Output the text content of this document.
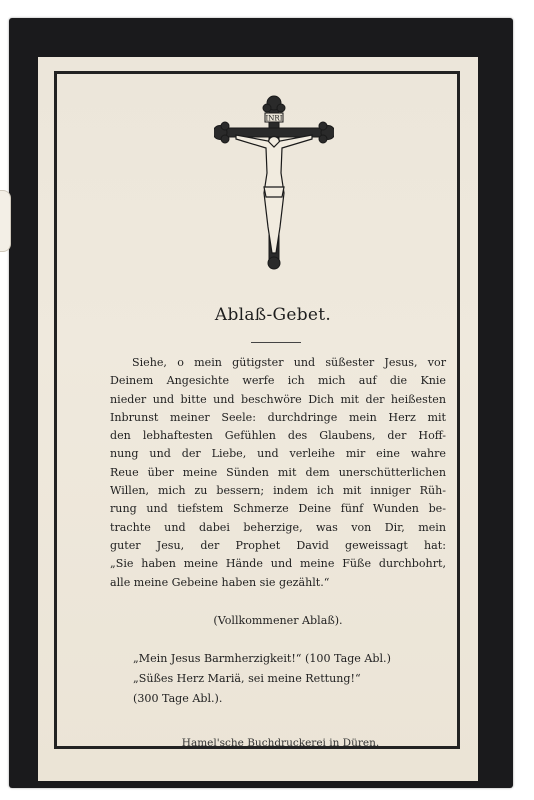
INRI
Ablaß-Gebet.
Siehe, o mein gütigster und süßester Jesus, vor
Deinem Angesichte werfe ich mich auf die Knie
nieder und bitte und beschwöre Dich mit der heißesten
Inbrunst meiner Seele: durchdringe mein Herz mit
den lebhaftesten Gefühlen des Glaubens, der Hoff-
nung und der Liebe, und verleihe mir eine wahre
Reue über meine Sünden mit dem unerschütterlichen
Willen, mich zu bessern; indem ich mit inniger Rüh-
rung und tiefstem Schmerze Deine fünf Wunden be-
trachte und dabei beherzige, was von Dir, mein
guter Jesu, der Prophet David geweissagt hat:
„Sie haben meine Hände und meine Füße durchbohrt,
alle meine Gebeine haben sie gezählt.“
(Vollkommener Ablaß).
„Mein Jesus Barmherzigkeit!“ (100 Tage Abl.)
„Süßes Herz Mariä, sei meine Rettung!“
(300 Tage Abl.).
Hamel'sche Buchdruckerei in Düren.
